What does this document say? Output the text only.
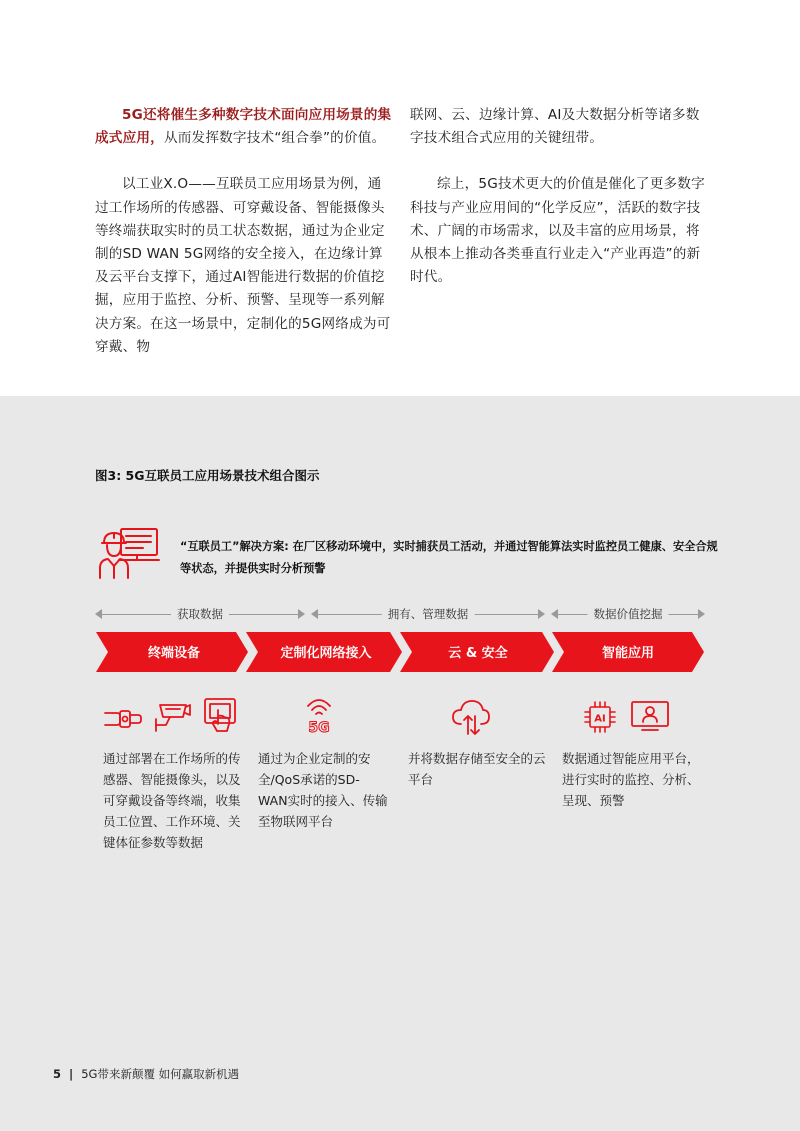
5G还将催生多种数字技术面向应用场景的集成式应用，从而发挥数字技术“组合拳”的价值。

以工业X.O——互联员工应用场景为例，通过工作场所的传感器、可穿戴设备、智能摄像头等终端获取实时的员工状态数据，通过为企业定制的SD WAN 5G网络的安全接入，在边缘计算及云平台支撑下，通过AI智能进行数据的价值挖掘，应用于监控、分析、预警、呈现等一系列解决方案。在这一场景中，定制化的5G网络成为可穿戴、物

联网、云、边缘计算、AI及大数据分析等诸多数字技术组合式应用的关键纽带。

综上，5G技术更大的价值是催化了更多数字科技与产业应用间的“化学反应”，活跃的数字技术、广阔的市场需求，以及丰富的应用场景，将从根本上推动各类垂直行业走入“产业再造”的新时代。

图3: 5G互联员工应用场景技术组合图示
“互联员工”解决方案: 在厂区移动环境中，实时捕获员工活动，并通过智能算法实时监控员工健康、安全合规等状态，并提供实时分析预警
获取数据	拥有、管理数据	数据价值挖掘
终端设备	定制化网络接入	云 & 安全	智能应用
5G
AI
通过部署在工作场所的传感器、智能摄像头，以及可穿戴设备等终端，收集员工位置、工作环境、关键体征参数等数据
通过为企业定制的安全/QoS承诺的SD-WAN实时的接入、传输至物联网平台
并将数据存储至安全的云平台
数据通过智能应用平台，进行实时的监控、分析、呈现、预警
5 | 5G带来新颠覆 如何赢取新机遇
